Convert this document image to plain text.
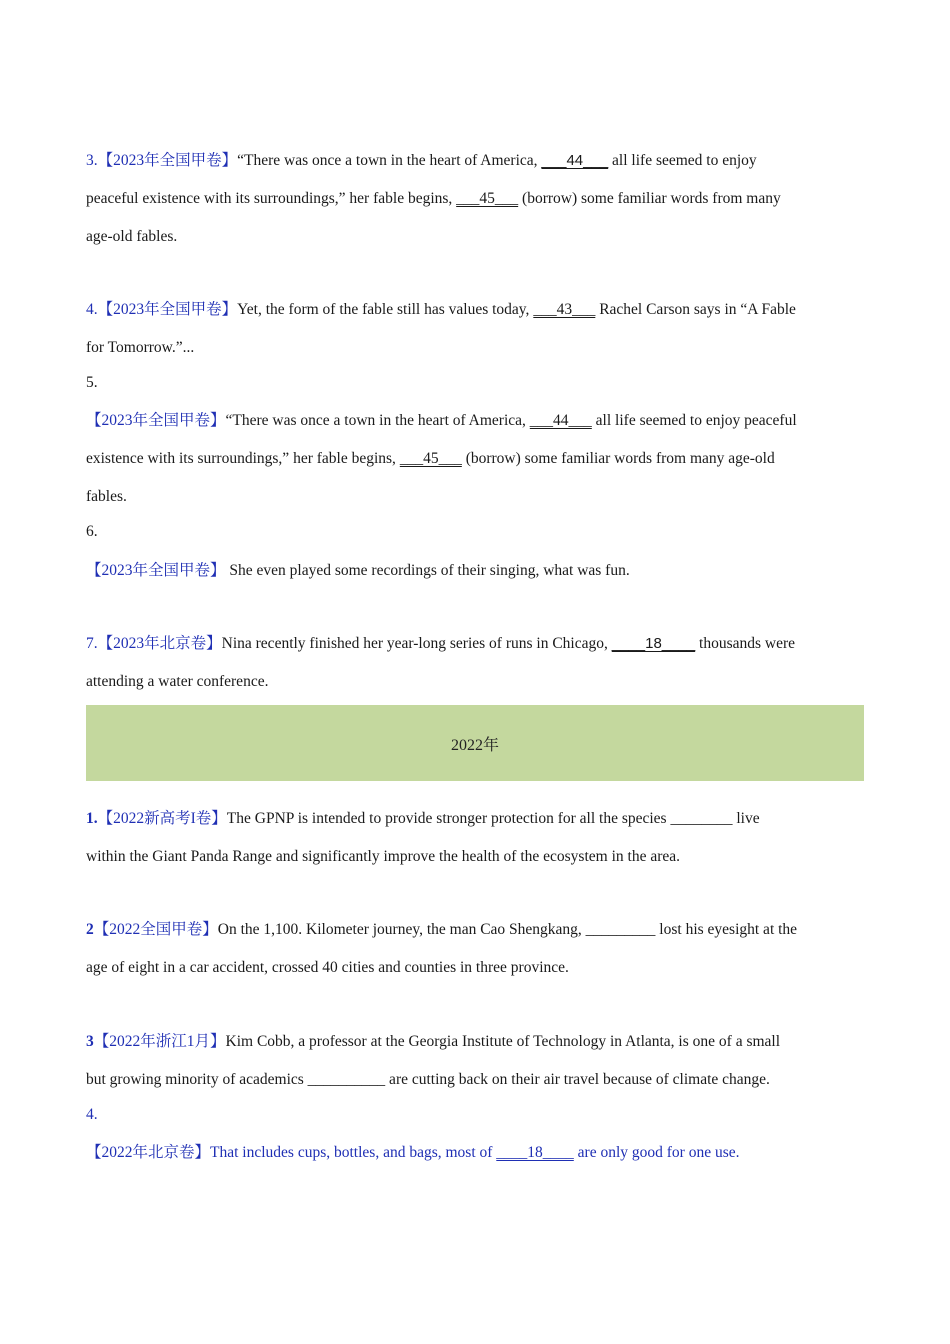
3.【2023年全国甲卷】“There was once a town in the heart of America, ___44___ all life seemed to enjoy
peaceful existence with its surroundings,” her fable begins, ___45___ (borrow) some familiar words from many
age-old fables.
4.【2023年全国甲卷】Yet, the form of the fable still has values today, ___43___ Rachel Carson says in “A Fable
for Tomorrow.”...
5.
【2023年全国甲卷】“There was once a town in the heart of America, ___44___ all life seemed to enjoy peaceful
existence with its surroundings,” her fable begins, ___45___ (borrow) some familiar words from many age-old
fables.
6.
【2023年全国甲卷】 She even played some recordings of their singing, what was fun.
7.【2023年北京卷】Nina recently finished her year-long series of runs in Chicago, ____18____ thousands were
attending a water conference.
2022年
1.【2022新高考I卷】The GPNP is intended to provide stronger protection for all the species ________ live
within the Giant Panda Range and significantly improve the health of the ecosystem in the area.
2【2022全国甲卷】On the 1,100. Kilometer journey, the man Cao Shengkang, _________ lost his eyesight at the
age of eight in a car accident, crossed 40 cities and counties in three province.
3【2022年浙江1月】Kim Cobb, a professor at the Georgia Institute of Technology in Atlanta, is one of a small
but growing minority of academics __________ are cutting back on their air travel because of climate change.
4.
【2022年北京卷】That includes cups, bottles, and bags, most of ____18____ are only good for one use.
